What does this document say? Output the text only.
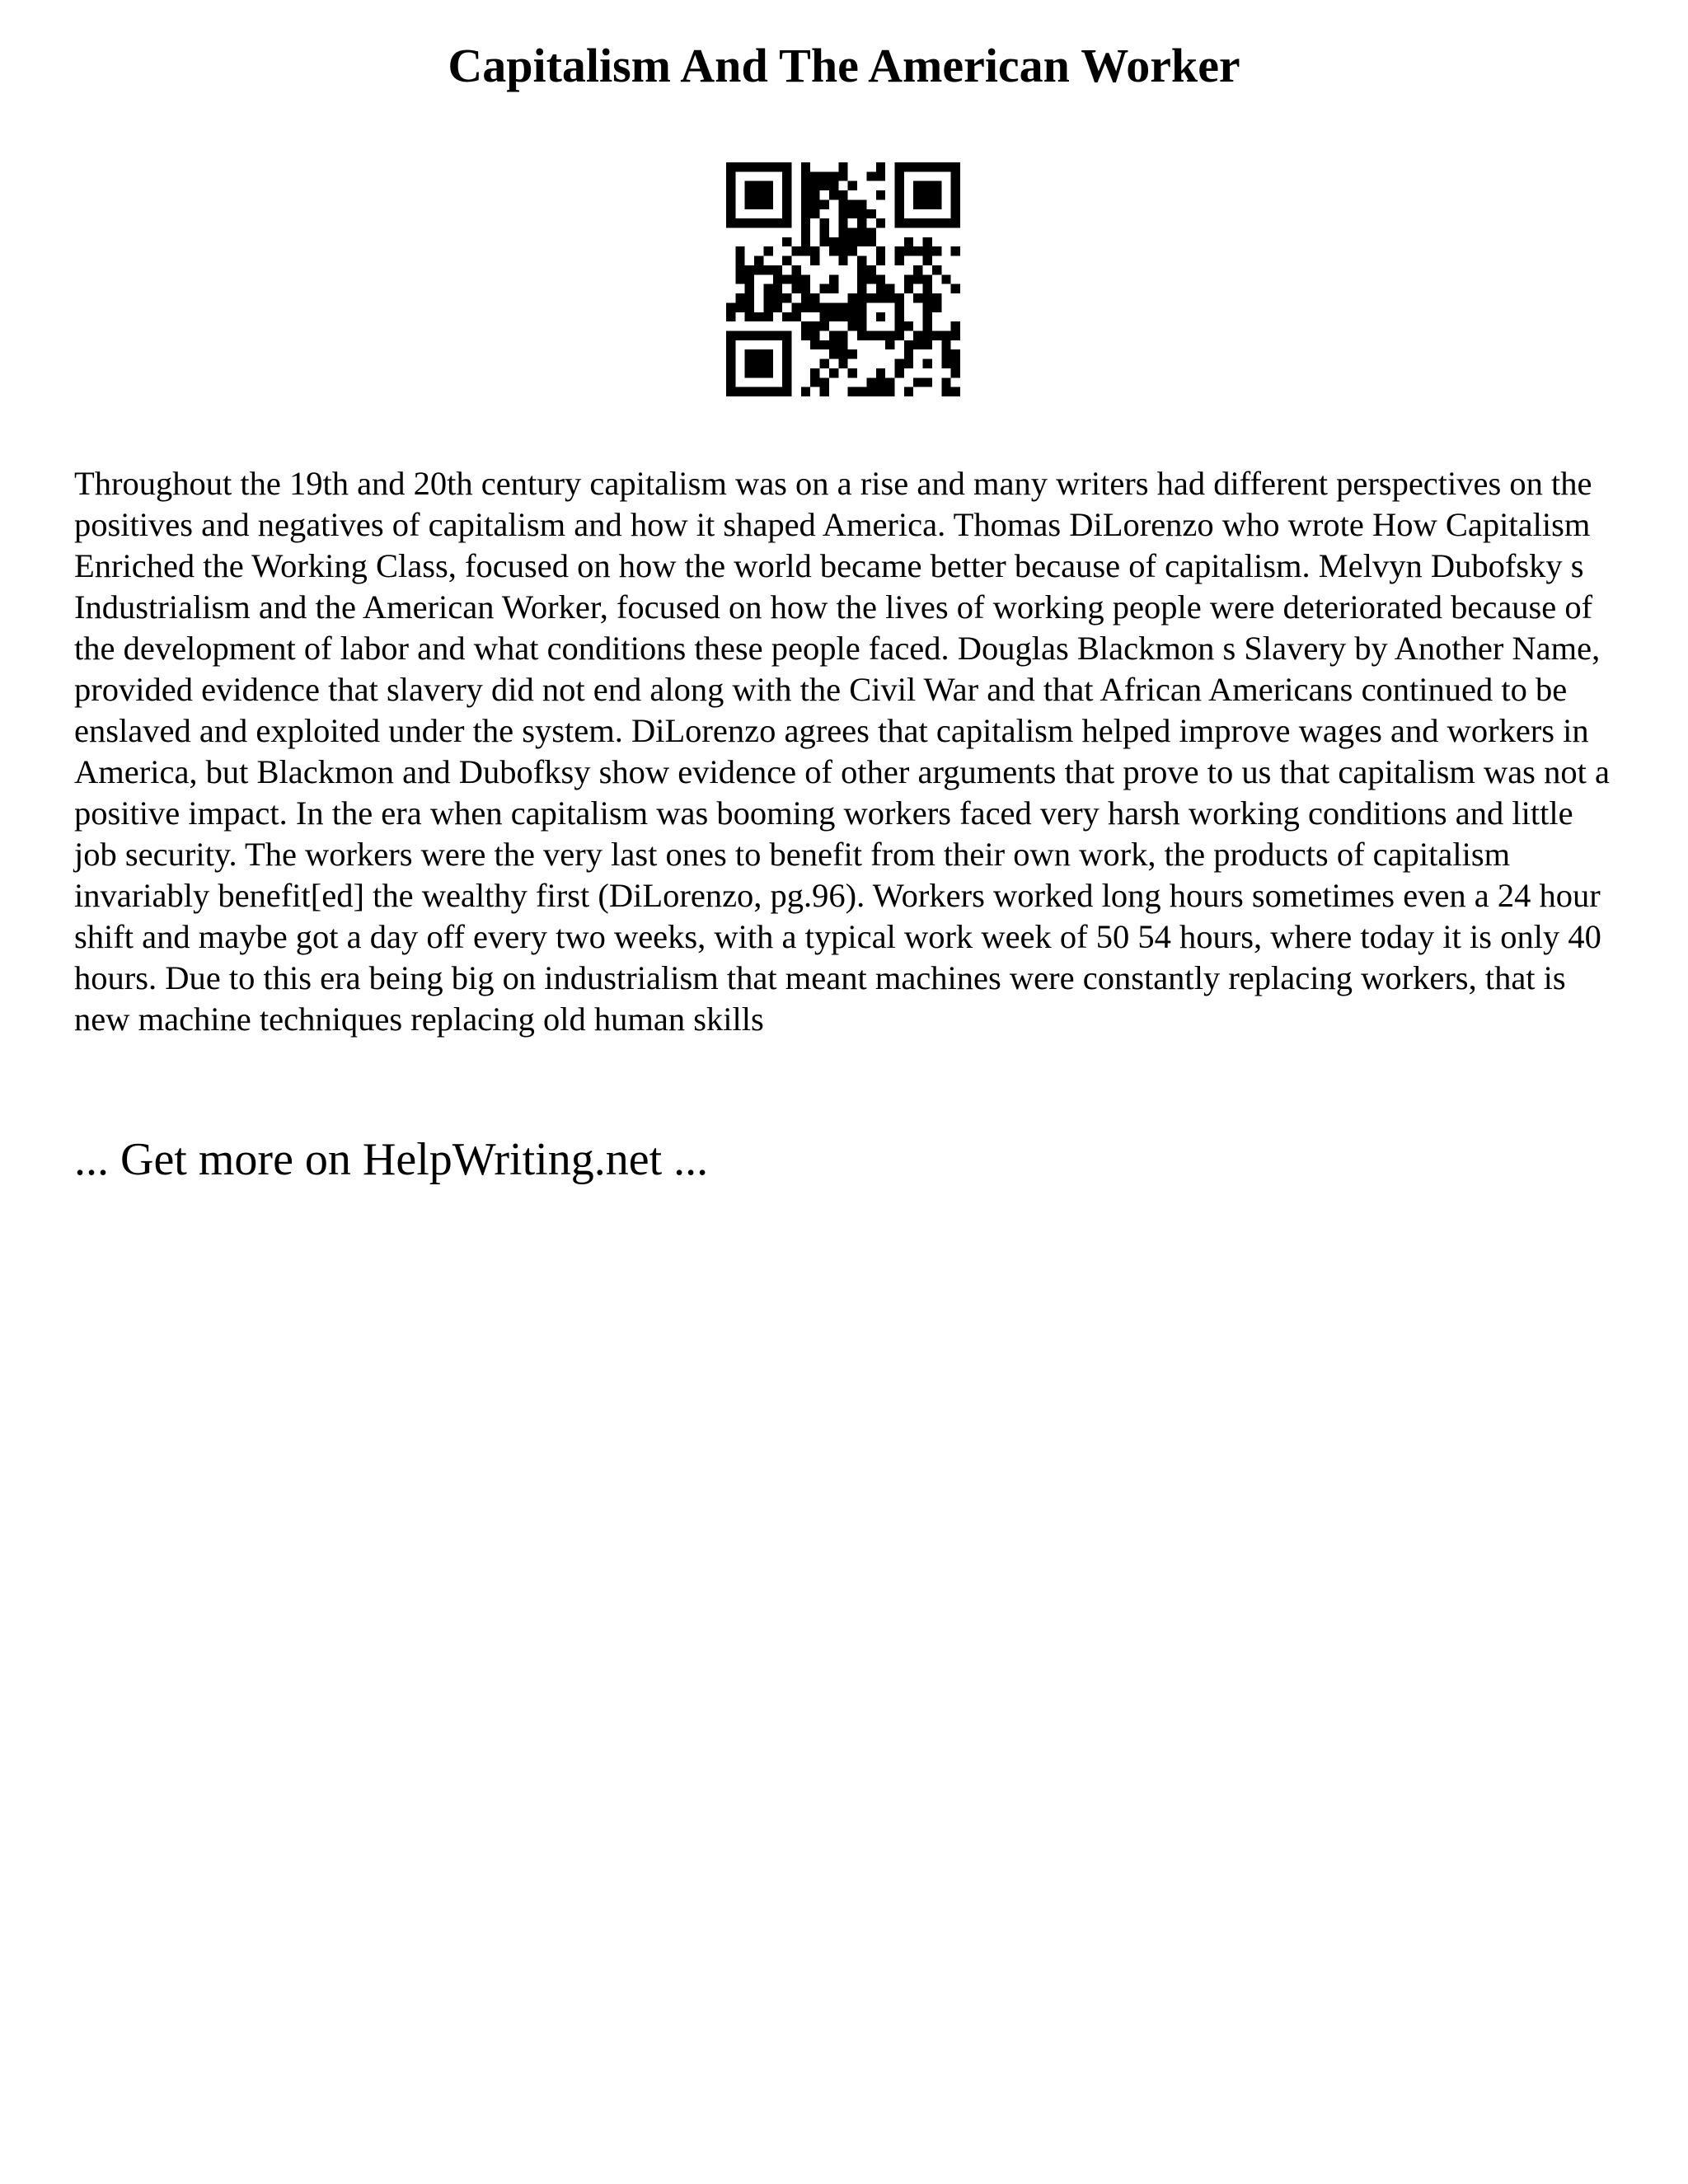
Capitalism And The American Worker

Throughout the 19th and 20th century capitalism was on a rise and many writers had different perspectives on the positives and negatives of capitalism and how it shaped America. Thomas DiLorenzo who wrote How Capitalism Enriched the Working Class, focused on how the world became better because of capitalism. Melvyn Dubofsky s Industrialism and the American Worker, focused on how the lives of working people were deteriorated because of the development of labor and what conditions these people faced. Douglas Blackmon s Slavery by Another Name, provided evidence that slavery did not end along with the Civil War and that African Americans continued to be enslaved and exploited under the system. DiLorenzo agrees that capitalism helped improve wages and workers in America, but Blackmon and Dubofksy show evidence of other arguments that prove to us that capitalism was not a positive impact. In the era when capitalism was booming workers faced very harsh working conditions and little job security. The workers were the very last ones to benefit from their own work, the products of capitalism invariably benefit[ed] the wealthy first (DiLorenzo, pg.96). Workers worked long hours sometimes even a 24 hour shift and maybe got a day off every two weeks, with a typical work week of 50 54 hours, where today it is only 40 hours. Due to this era being big on industrialism that meant machines were constantly replacing workers, that is new machine techniques replacing old human skills

... Get more on HelpWriting.net ...
